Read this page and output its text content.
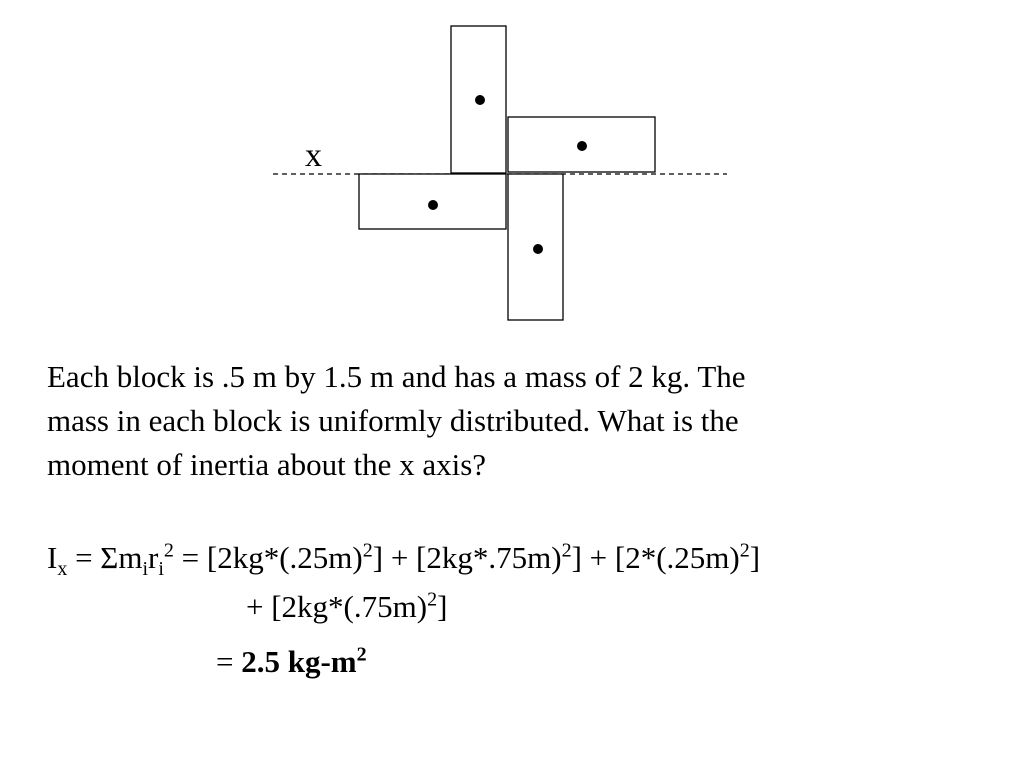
x

Each block is .5 m by 1.5 m and has a mass of 2 kg. The
mass in each block is uniformly distributed. What is the
moment of inertia about the x axis?

$I_x = \Sigma m_ir_i^2 = [2kg*(.25m)^2] + [2kg*.75m)^2] + [2*(.25m)^2]$

+ $[2kg*(.75m)^2]$

= 2.5 $kg-m^2$
